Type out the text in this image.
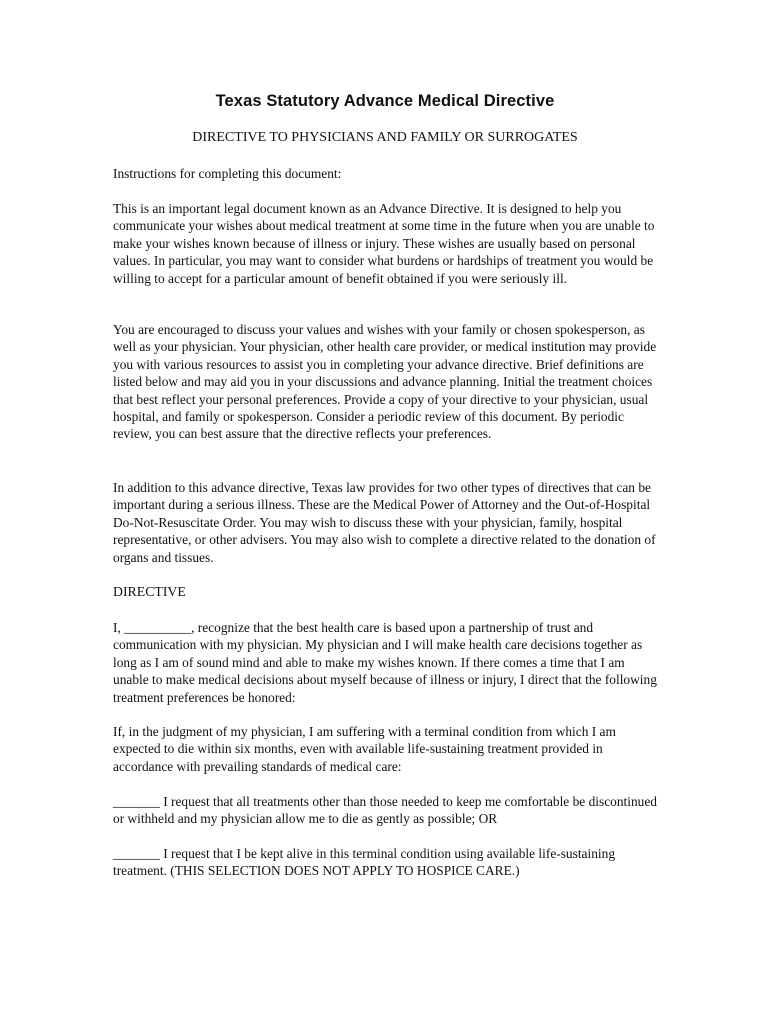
Texas Statutory Advance Medical Directive
DIRECTIVE TO PHYSICIANS AND FAMILY OR SURROGATES

Instructions for completing this document:

This is an important legal document known as an Advance Directive. It is designed to help you communicate your wishes about medical treatment at some time in the future when you are unable to make your wishes known because of illness or injury. These wishes are usually based on personal values. In particular, you may want to consider what burdens or hardships of treatment you would be willing to accept for a particular amount of benefit obtained if you were seriously ill.

You are encouraged to discuss your values and wishes with your family or chosen spokesperson, as well as your physician. Your physician, other health care provider, or medical institution may provide you with various resources to assist you in completing your advance directive. Brief definitions are listed below and may aid you in your discussions and advance planning. Initial the treatment choices that best reflect your personal preferences. Provide a copy of your directive to your physician, usual hospital, and family or spokesperson. Consider a periodic review of this document. By periodic review, you can best assure that the directive reflects your preferences.

In addition to this advance directive, Texas law provides for two other types of directives that can be important during a serious illness. These are the Medical Power of Attorney and the Out-of-Hospital Do-Not-Resuscitate Order. You may wish to discuss these with your physician, family, hospital representative, or other advisers. You may also wish to complete a directive related to the donation of organs and tissues.

DIRECTIVE

I, __________, recognize that the best health care is based upon a partnership of trust and communication with my physician. My physician and I will make health care decisions together as long as I am of sound mind and able to make my wishes known. If there comes a time that I am unable to make medical decisions about myself because of illness or injury, I direct that the following treatment preferences be honored:

If, in the judgment of my physician, I am suffering with a terminal condition from which I am expected to die within six months, even with available life-sustaining treatment provided in accordance with prevailing standards of medical care:

_______ I request that all treatments other than those needed to keep me comfortable be discontinued or withheld and my physician allow me to die as gently as possible; OR

_______ I request that I be kept alive in this terminal condition using available life-sustaining treatment. (THIS SELECTION DOES NOT APPLY TO HOSPICE CARE.)
